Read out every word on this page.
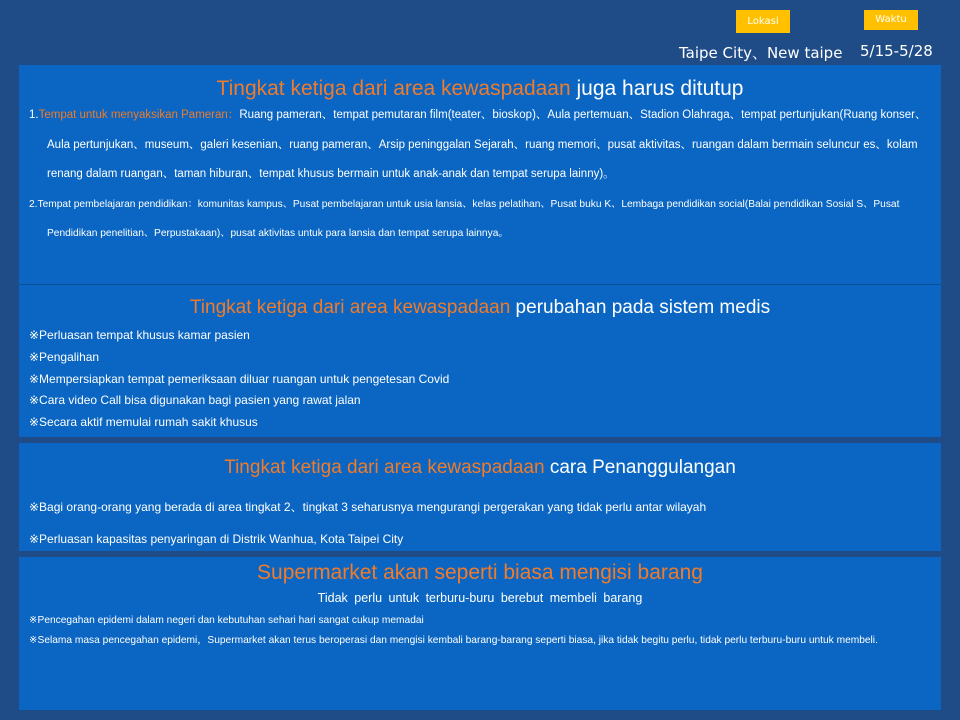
Lokasi	Waktu
Taipe City、New taipe 5/15-5/28
Tingkat ketiga dari area kewaspadaan juga harus ditutup
1.Tempat untuk menyaksikan Pameran：Ruang pameran、tempat pemutaran film(teater、bioskop)、Aula pertemuan、Stadion Olahraga、tempat pertunjukan(Ruang konser、Aula pertunjukan、museum、galeri kesenian、ruang pameran、Arsip peninggalan Sejarah、ruang memori、pusat aktivitas、ruangan dalam bermain seluncur es、kolam renang dalam ruangan、taman hiburan、tempat khusus bermain untuk anak-anak dan tempat serupa lainny)。
2.Tempat pembelajaran pendidikan：komunitas kampus、Pusat pembelajaran untuk usia lansia、kelas pelatihan、Pusat buku K、Lembaga pendidikan social(Balai pendidikan Sosial S、Pusat Pendidikan penelitian、Perpustakaan)、pusat aktivitas untuk para lansia dan tempat serupa lainnya。
Tingkat ketiga dari area kewaspadaan perubahan pada sistem medis
※Perluasan tempat khusus kamar pasien
※Pengalihan
※Mempersiapkan tempat pemeriksaan diluar ruangan untuk pengetesan Covid
※Cara video Call bisa digunakan bagi pasien yang rawat jalan
※Secara aktif memulai rumah sakit khusus
Tingkat ketiga dari area kewaspadaan cara Penanggulangan
※Bagi orang-orang yang berada di area tingkat 2、tingkat 3 seharusnya mengurangi pergerakan yang tidak perlu antar wilayah
※Perluasan kapasitas penyaringan di Distrik Wanhua, Kota Taipei City
Supermarket akan seperti biasa mengisi barang
Tidak perlu untuk terburu-buru berebut membeli barang
※Pencegahan epidemi dalam negeri dan kebutuhan sehari hari sangat cukup memadai
※Selama masa pencegahan epidemi，Supermarket akan terus beroperasi dan mengisi kembali barang-barang seperti biasa, jika tidak begitu perlu, tidak perlu terburu-buru untuk membeli.
